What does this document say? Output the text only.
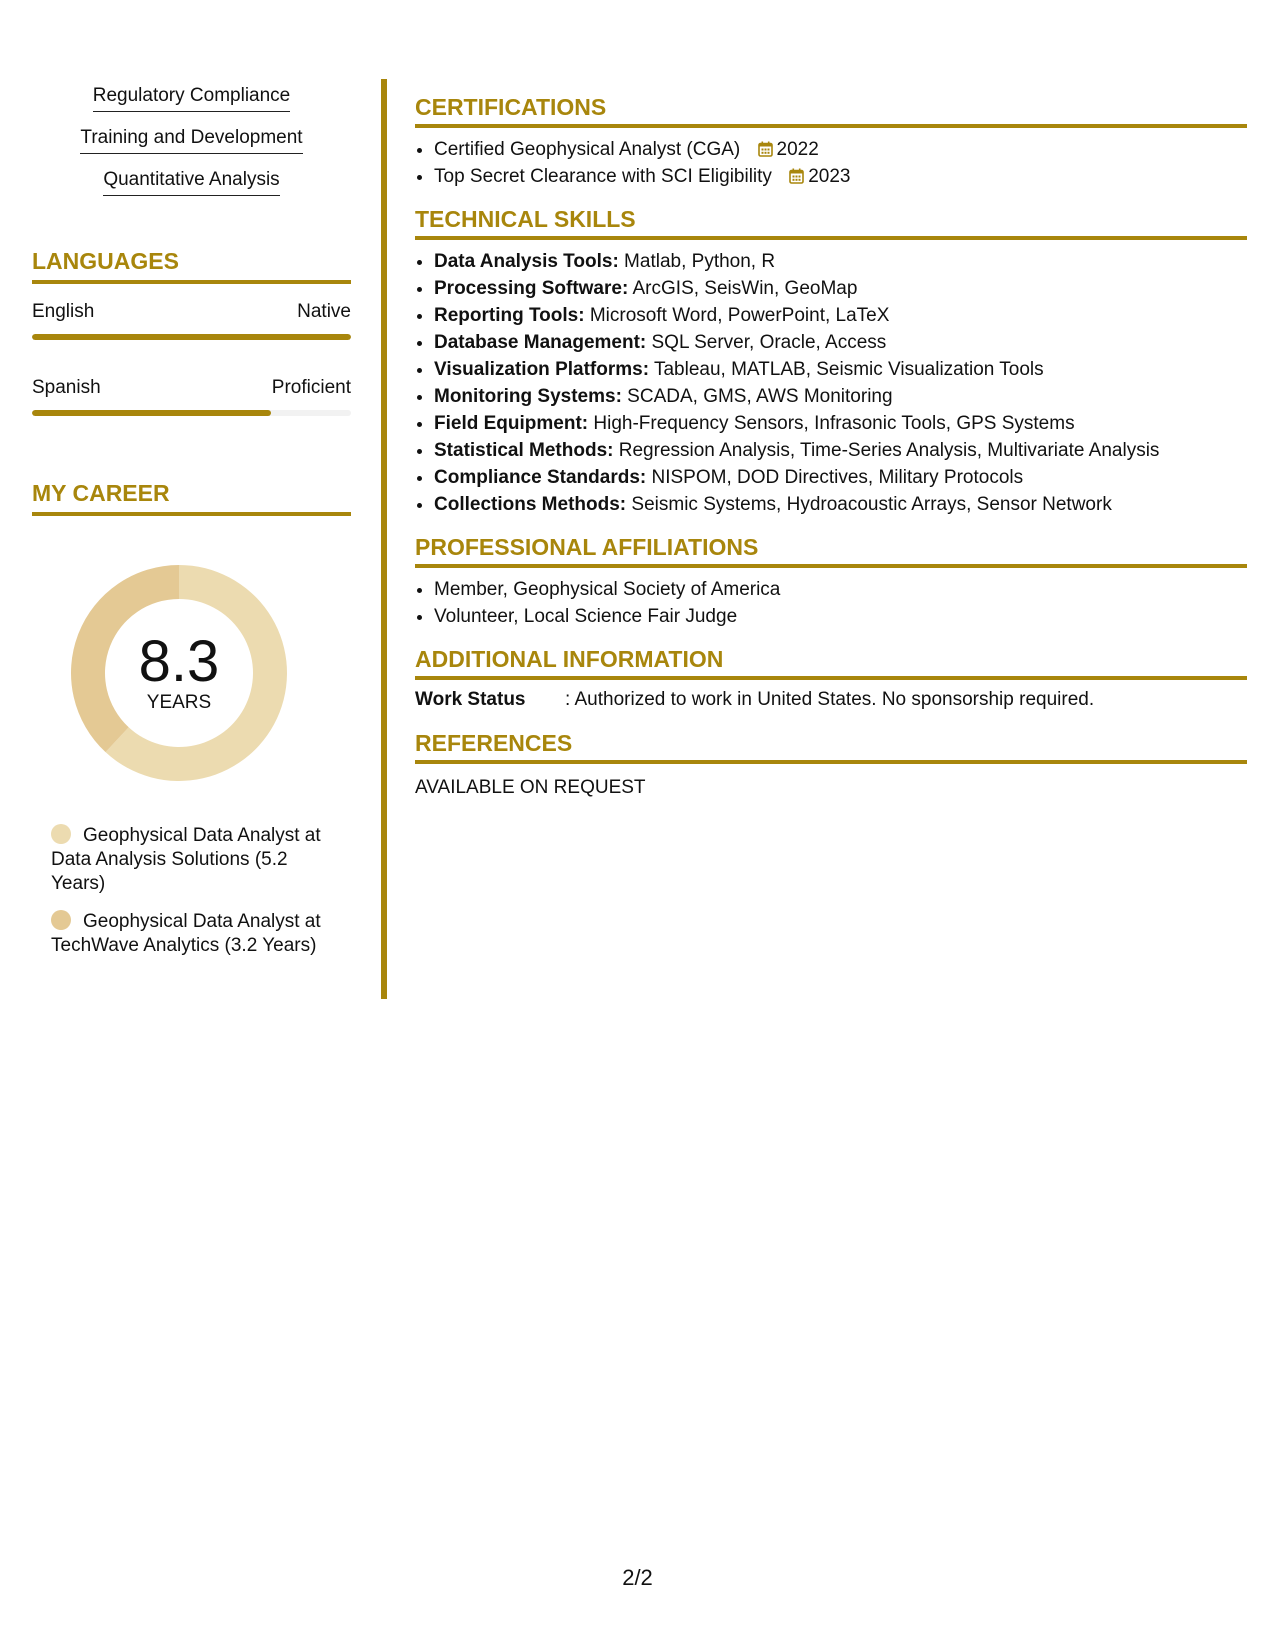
Regulatory Compliance
Training and Development
Quantitative Analysis
LANGUAGES
English	Native
Spanish	Proficient
MY CAREER
8.3
YEARS
Geophysical Data Analyst at Data Analysis Solutions (5.2 Years)
Geophysical Data Analyst at TechWave Analytics (3.2 Years)
CERTIFICATIONS
• Certified Geophysical Analyst (CGA) 2022
• Top Secret Clearance with SCI Eligibility 2023
TECHNICAL SKILLS
• Data Analysis Tools: Matlab, Python, R
• Processing Software: ArcGIS, SeisWin, GeoMap
• Reporting Tools: Microsoft Word, PowerPoint, LaTeX
• Database Management: SQL Server, Oracle, Access
• Visualization Platforms: Tableau, MATLAB, Seismic Visualization Tools
• Monitoring Systems: SCADA, GMS, AWS Monitoring
• Field Equipment: High-Frequency Sensors, Infrasonic Tools, GPS Systems
• Statistical Methods: Regression Analysis, Time-Series Analysis, Multivariate Analysis
• Compliance Standards: NISPOM, DOD Directives, Military Protocols
• Collections Methods: Seismic Systems, Hydroacoustic Arrays, Sensor Network
PROFESSIONAL AFFILIATIONS
• Member, Geophysical Society of America
• Volunteer, Local Science Fair Judge
ADDITIONAL INFORMATION
Work Status	: Authorized to work in United States. No sponsorship required.
REFERENCES
AVAILABLE ON REQUEST
2/2
